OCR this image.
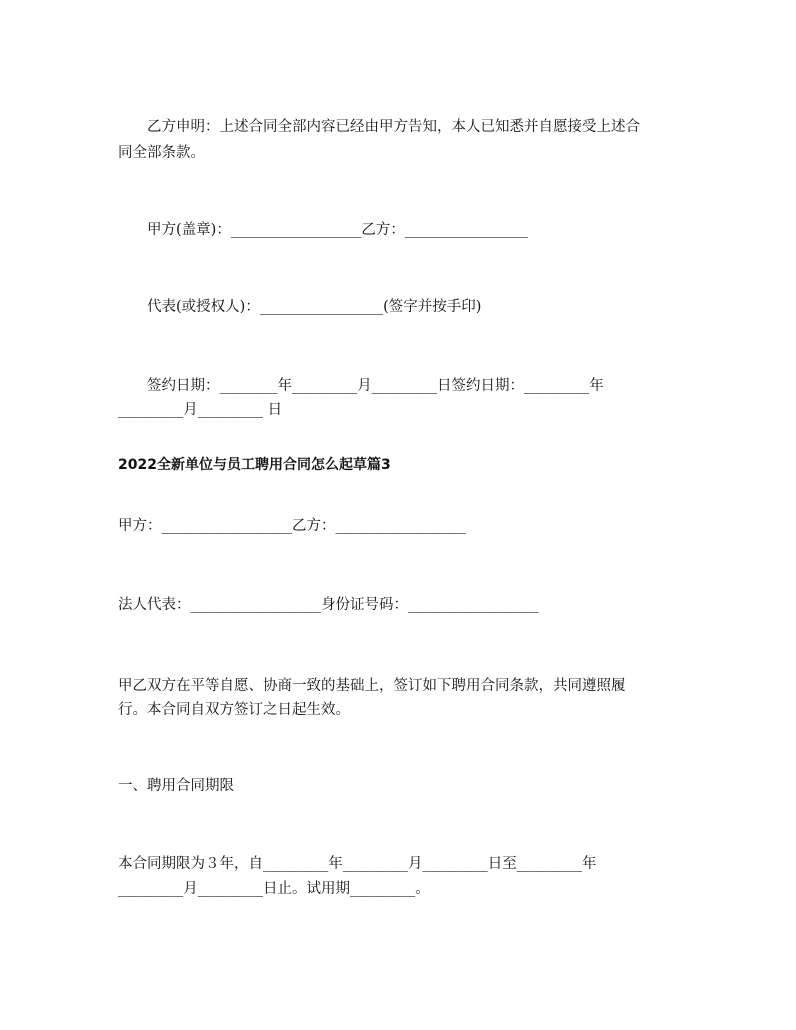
乙方申明：上述合同全部内容已经由甲方告知，本人已知悉并自愿接受上述合
同全部条款。
甲方(盖章)：__________________乙方：_________________
代表(或授权人)：_________________(签字并按手印)
签约日期：________年_________月_________日签约日期：_________年
_________月_________ 日
2022全新单位与员工聘用合同怎么起草篇3
甲方：__________________乙方：__________________
法人代表：__________________身份证号码：__________________
甲乙双方在平等自愿、协商一致的基础上，签订如下聘用合同条款，共同遵照履
行。本合同自双方签订之日起生效。
一、聘用合同期限
本合同期限为３年，自_________年_________月_________日至_________年
_________月_________日止。试用期_________。
